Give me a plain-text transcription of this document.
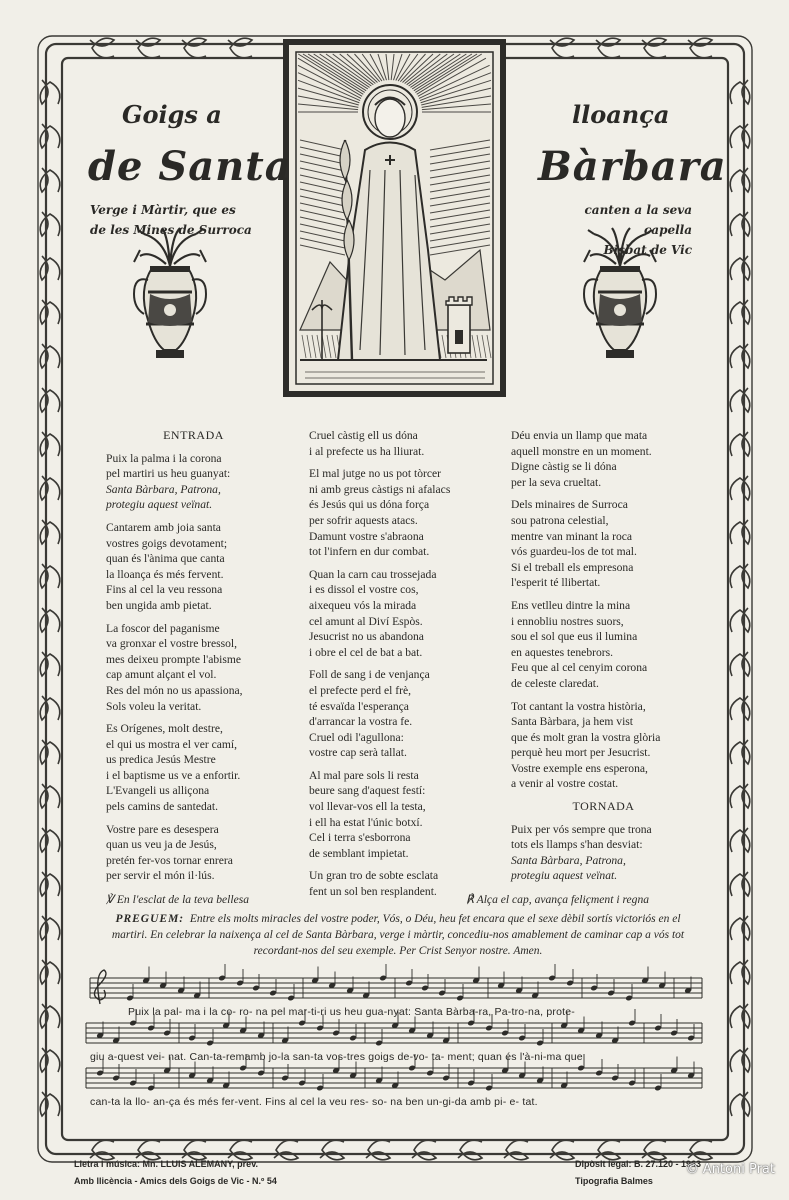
Goigs a
de Santa
lloança
Bàrbara
Verge i Màrtir, que es
de les Mines de Surroca
canten a la seva capella
Bisbat de Vic
ENTRADA
Puix la palma i la corona
pel martiri us heu guanyat:
Santa Bàrbara, Patrona,
protegiu aquest veïnat.
Cantarem amb joia santa
vostres goigs devotament;
quan és l'ànima que canta
la lloança és més fervent.
Fins al cel la veu ressona
ben ungida amb pietat.
La foscor del paganisme
va gronxar el vostre bressol,
mes deixeu prompte l'abisme
cap amunt alçant el vol.
Res del món no us apassiona,
Sols voleu la veritat.
Es Orígenes, molt destre,
el qui us mostra el ver camí,
us predica Jesús Mestre
i el baptisme us ve a enfortir.
L'Evangeli us alliçona
pels camins de santedat.
Vostre pare es desespera
quan us veu ja de Jesús,
pretén fer-vos tornar enrera
per servir el món il·lús.
Cruel càstig ell us dóna
i al prefecte us ha lliurat.
El mal jutge no us pot tòrcer
ni amb greus càstigs ni afalacs
és Jesús qui us dóna força
per sofrir aquests atacs.
Damunt vostre s'abraona
tot l'infern en dur combat.
Quan la carn cau trossejada
i es dissol el vostre cos,
aixequeu vós la mirada
cel amunt al Diví Espòs.
Jesucrist no us abandona
i obre el cel de bat a bat.
Foll de sang i de venjança
el prefecte perd el frè,
té esvaïda l'esperança
d'arrancar la vostra fe.
Cruel odi l'agullona:
vostre cap serà tallat.
Al mal pare sols li resta
beure sang d'aquest festí:
vol llevar-vos ell la testa,
i ell ha estat l'únic botxí.
Cel i terra s'esborrona
de semblant impietat.
Un gran tro de sobte esclata
fent un sol ben resplandent.
Déu envia un llamp que mata
aquell monstre en un moment.
Digne càstig se li dóna
per la seva crueltat.
Dels minaires de Surroca
sou patrona celestial,
mentre van minant la roca
vós guardeu-los de tot mal.
Si el treball els empresona
l'esperit té llibertat.
Ens vetlleu dintre la mina
i ennobliu nostres suors,
sou el sol que eus il lumina
en aquestes tenebrors.
Feu que al cel cenyim corona
de celeste claredat.
Tot cantant la vostra història,
Santa Bàrbara, ja hem vist
que és molt gran la vostra glòria
perquè heu mort per Jesucrist.
Vostre exemple ens esperona,
a venir al vostre costat.
TORNADA
Puix per vós sempre que trona
tots els llamps s'han desviat:
Santa Bàrbara, Patrona,
protegiu aquest veïnat.
℣ En l'esclat de la teva bellesa	℟ Alça el cap, avança feliçment i regna
PREGUEM: Entre els molts miracles del vostre poder, Vós, o Déu, heu fet encara que el sexe dèbil sortís victoriós en el martiri. En celebrar la naixença al cel de Santa Bàrbara, verge i màrtir, concediu-nos amablement de caminar cap a vós tot recordant-nos del seu exemple. Per Crist Senyor nostre. Amen.
Puix la pal- ma i la co- ro- na pel mar-ti-ri us heu gua-nyat: Santa Bàrba-ra, Pa-tro-na, prote-
giu a-quest vei- nat. Can-ta-remamb jo-la san-ta vos-tres goigs de-vo- ta- ment; quan és l'à-ni-ma que
can-ta la llo- an-ça és més fer-vent. Fins al cel la veu res- so- na ben un-gi-da amb pi- e- tat.
Lletra i música: Mn. LLUIS ALEMANY, prev.
Amb llicència - Amics dels Goigs de Vic - N.º 54
Dipòsit legal: B. 27.120 - 1963
Tipografia Balmes
© Antoni Prat
